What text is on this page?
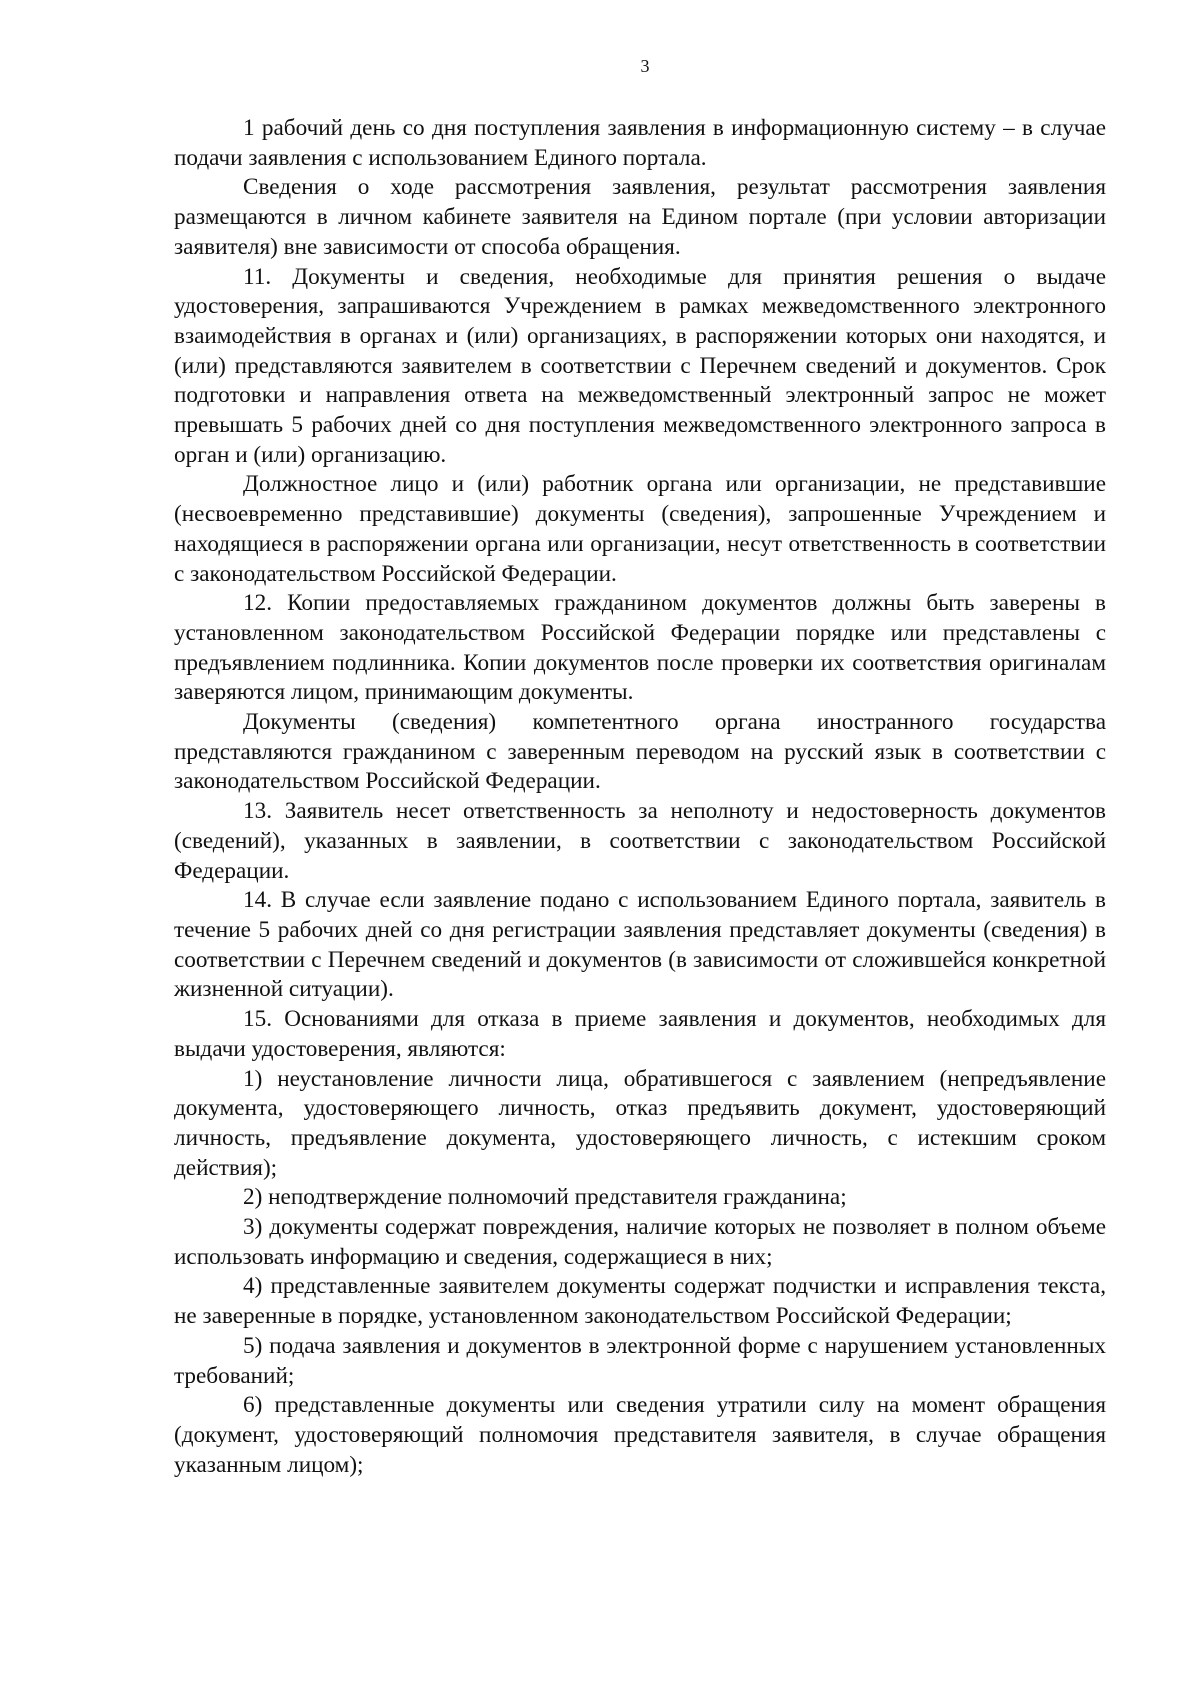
3

1 рабочий день со дня поступления заявления в информационную систему – в случае подачи заявления с использованием Единого портала.

Сведения о ходе рассмотрения заявления, результат рассмотрения заявления размещаются в личном кабинете заявителя на Едином портале (при условии авторизации заявителя) вне зависимости от способа обращения.

11. Документы и сведения, необходимые для принятия решения о выдаче удостоверения, запрашиваются Учреждением в рамках межведомственного электронного взаимодействия в органах и (или) организациях, в распоряжении которых они находятся, и (или) представляются заявителем в соответствии с Перечнем сведений и документов. Срок подготовки и направления ответа на межведомственный электронный запрос не может превышать 5 рабочих дней со дня поступления межведомственного электронного запроса в орган и (или) организацию.

Должностное лицо и (или) работник органа или организации, не представившие (несвоевременно представившие) документы (сведения), запрошенные Учреждением и находящиеся в распоряжении органа или организации, несут ответственность в соответствии с законодательством Российской Федерации.

12. Копии предоставляемых гражданином документов должны быть заверены в установленном законодательством Российской Федерации порядке или представлены с предъявлением подлинника. Копии документов после проверки их соответствия оригиналам заверяются лицом, принимающим документы.

Документы (сведения) компетентного органа иностранного государства представляются гражданином с заверенным переводом на русский язык в соответствии с законодательством Российской Федерации.

13. Заявитель несет ответственность за неполноту и недостоверность документов (сведений), указанных в заявлении, в соответствии с законодательством Российской Федерации.

14. В случае если заявление подано с использованием Единого портала, заявитель в течение 5 рабочих дней со дня регистрации заявления представляет документы (сведения) в соответствии с Перечнем сведений и документов (в зависимости от сложившейся конкретной жизненной ситуации).

15. Основаниями для отказа в приеме заявления и документов, необходимых для выдачи удостоверения, являются:

1) неустановление личности лица, обратившегося с заявлением (непредъявление документа, удостоверяющего личность, отказ предъявить документ, удостоверяющий личность, предъявление документа, удостоверяющего личность, с истекшим сроком действия);

2) неподтверждение полномочий представителя гражданина;

3) документы содержат повреждения, наличие которых не позволяет в полном объеме использовать информацию и сведения, содержащиеся в них;

4) представленные заявителем документы содержат подчистки и исправления текста, не заверенные в порядке, установленном законодательством Российской Федерации;

5) подача заявления и документов в электронной форме с нарушением установленных требований;

6) представленные документы или сведения утратили силу на момент обращения (документ, удостоверяющий полномочия представителя заявителя, в случае обращения указанным лицом);
